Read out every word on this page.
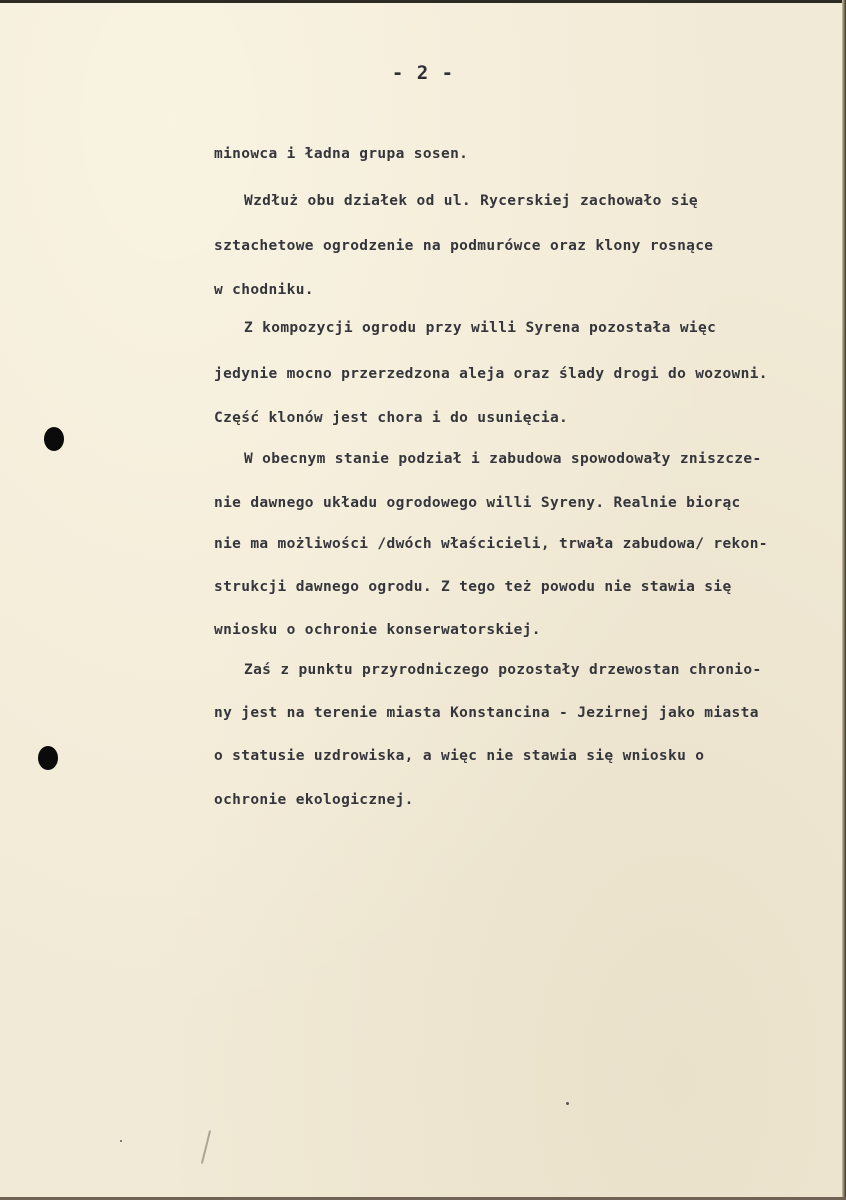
- 2 -
minowca i ładna grupa sosen.
Wzdłuż obu działek od ul. Rycerskiej zachowało się
sztachetowe ogrodzenie na podmurówce oraz klony rosnące
w chodniku.
Z kompozycji ogrodu przy willi Syrena pozostała więc
jedynie mocno przerzedzona aleja oraz ślady drogi do wozowni.
Część klonów jest chora i do usunięcia.
W obecnym stanie podział i zabudowa spowodowały zniszcze-
nie dawnego układu ogrodowego willi Syreny. Realnie biorąc
nie ma możliwości /dwóch właścicieli, trwała zabudowa/ rekon-
strukcji dawnego ogrodu. Z tego też powodu nie stawia się
wniosku o ochronie konserwatorskiej.
Zaś z punktu przyrodniczego pozostały drzewostan chronio-
ny jest na terenie miasta Konstancina - Jezirnej jako miasta
o statusie uzdrowiska, a więc nie stawia się wniosku o
ochronie ekologicznej.
